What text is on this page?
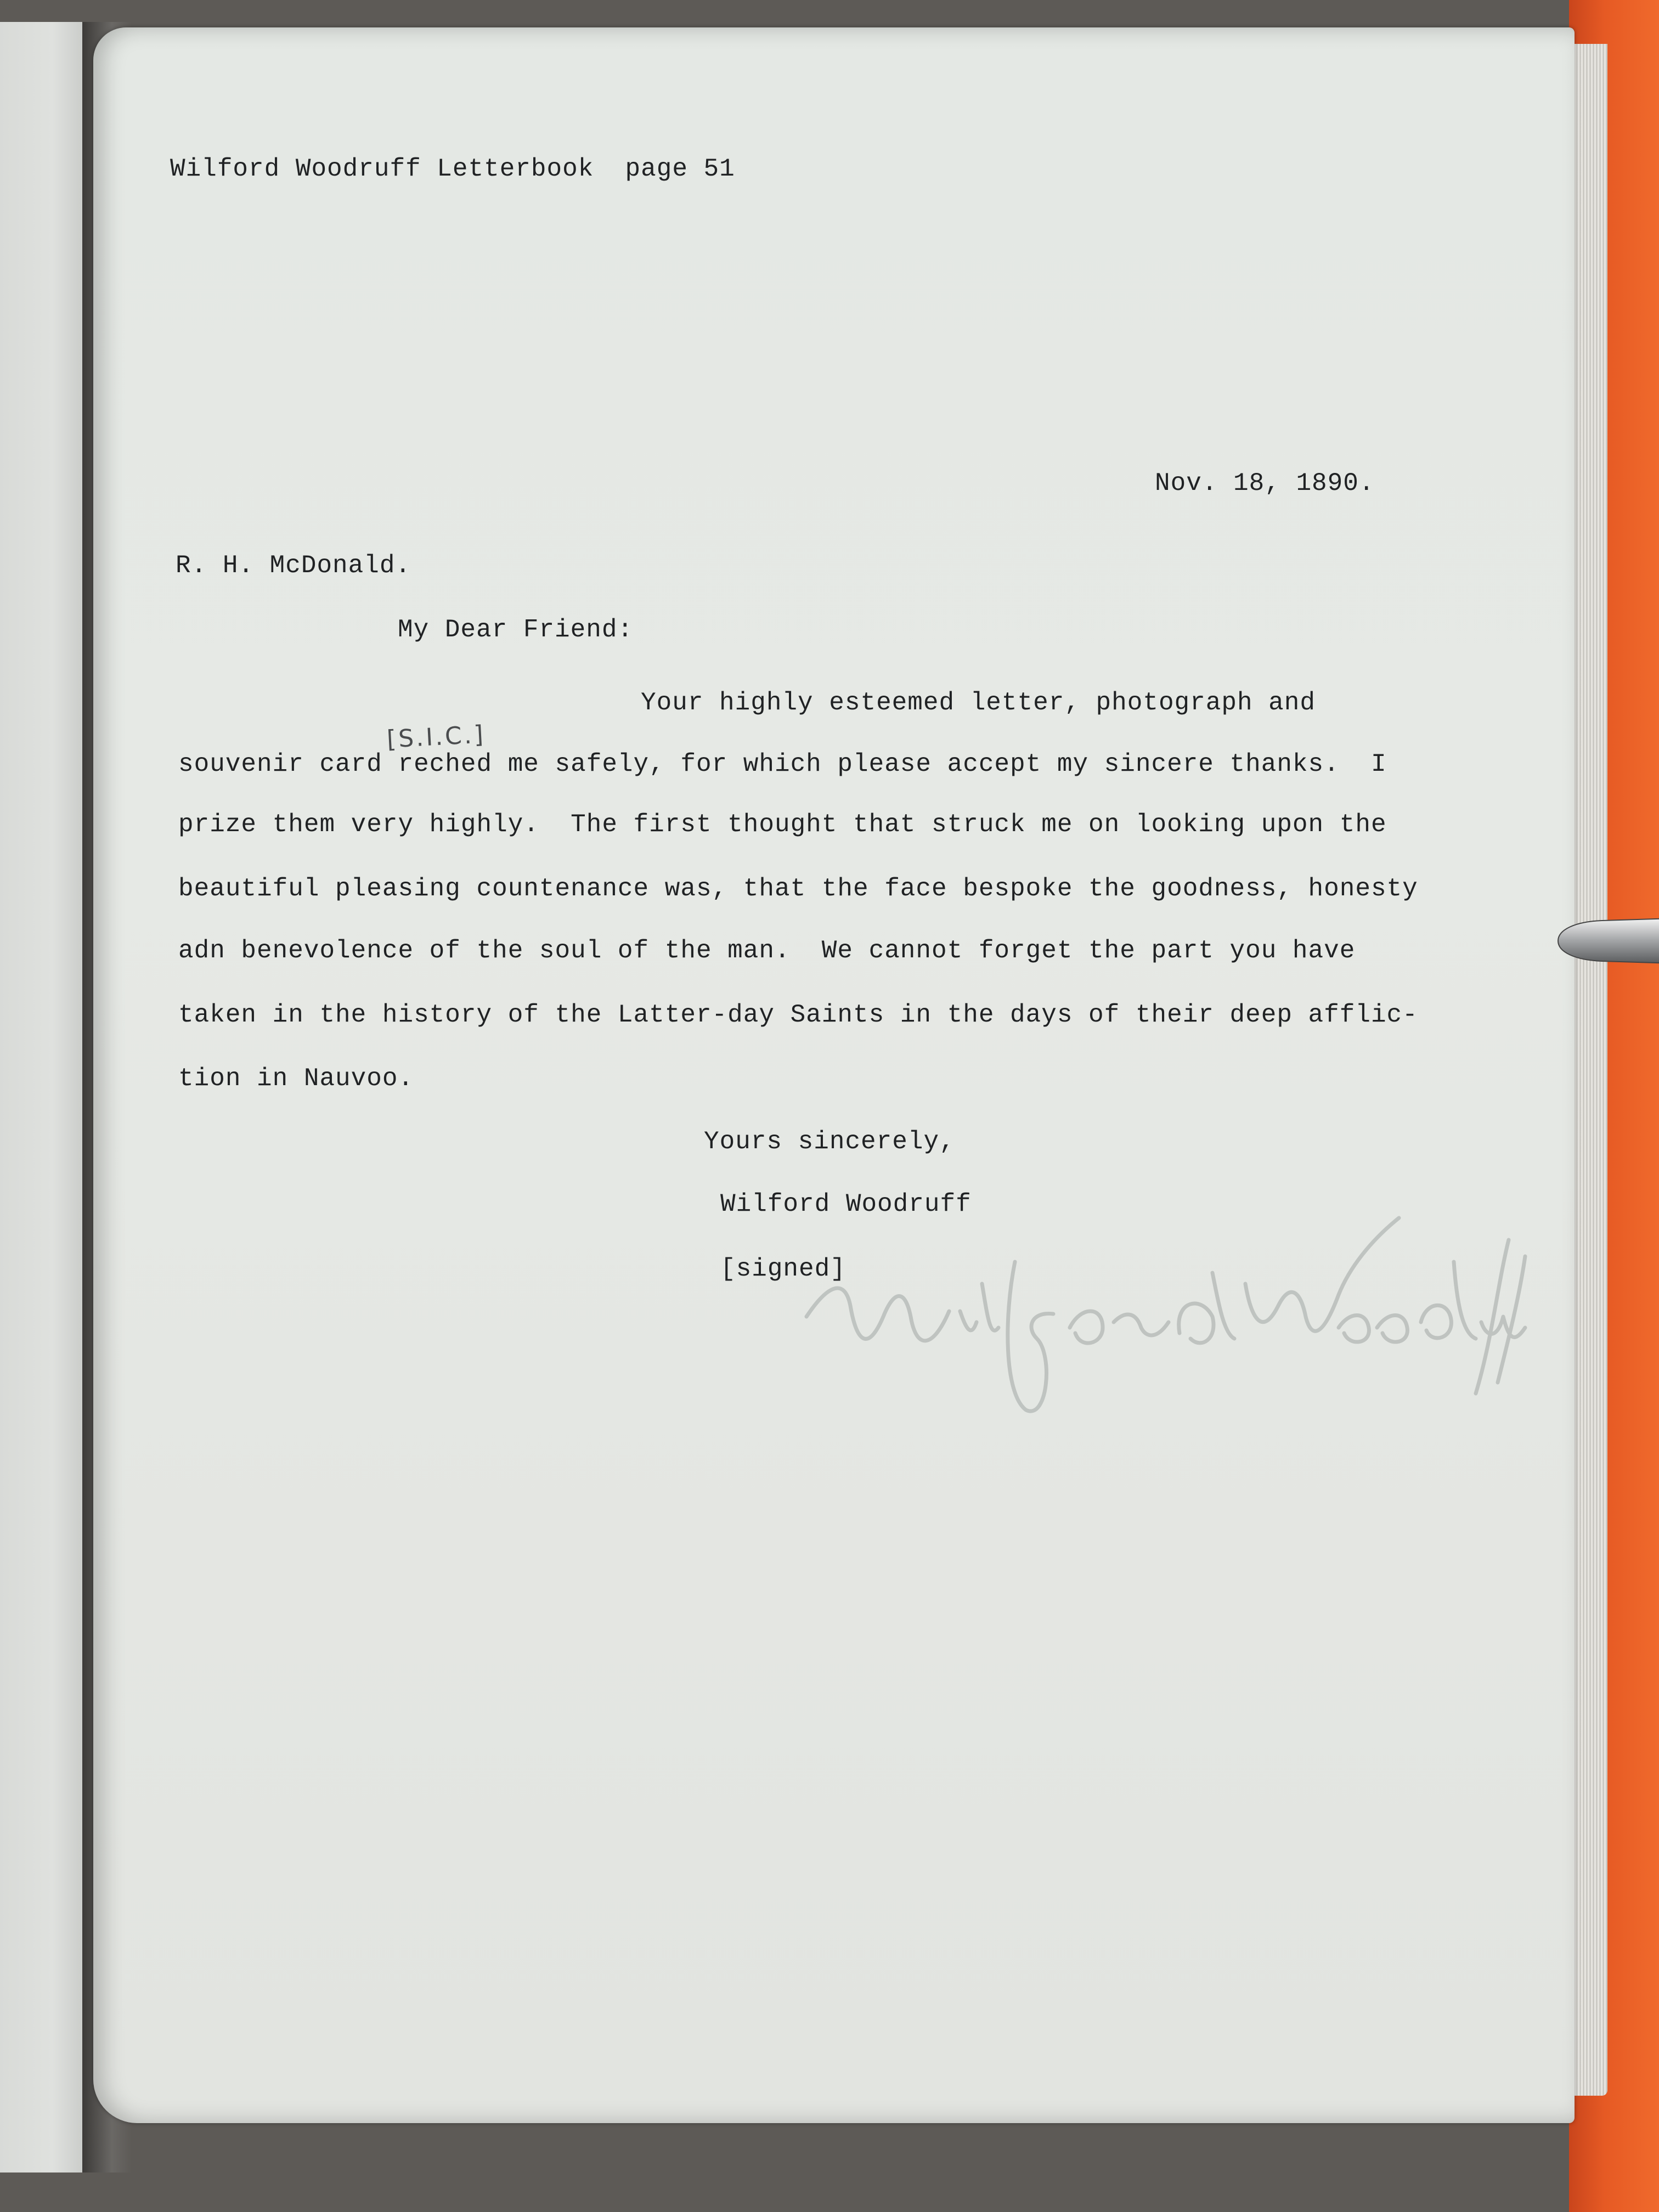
Wilford Woodruff Letterbook  page 51
Nov. 18, 1890.
R. H. McDonald.
My Dear Friend:
Your highly esteemed letter, photograph and
souvenir card reched me safely, for which please accept my sincere thanks.  I
prize them very highly.  The first thought that struck me on looking upon the
beautiful pleasing countenance was, that the face bespoke the goodness, honesty
adn benevolence of the soul of the man.  We cannot forget the part you have
taken in the history of the Latter-day Saints in the days of their deep afflic-
tion in Nauvoo.
[S.I.C.]
Yours sincerely,
Wilford Woodruff
[signed]
